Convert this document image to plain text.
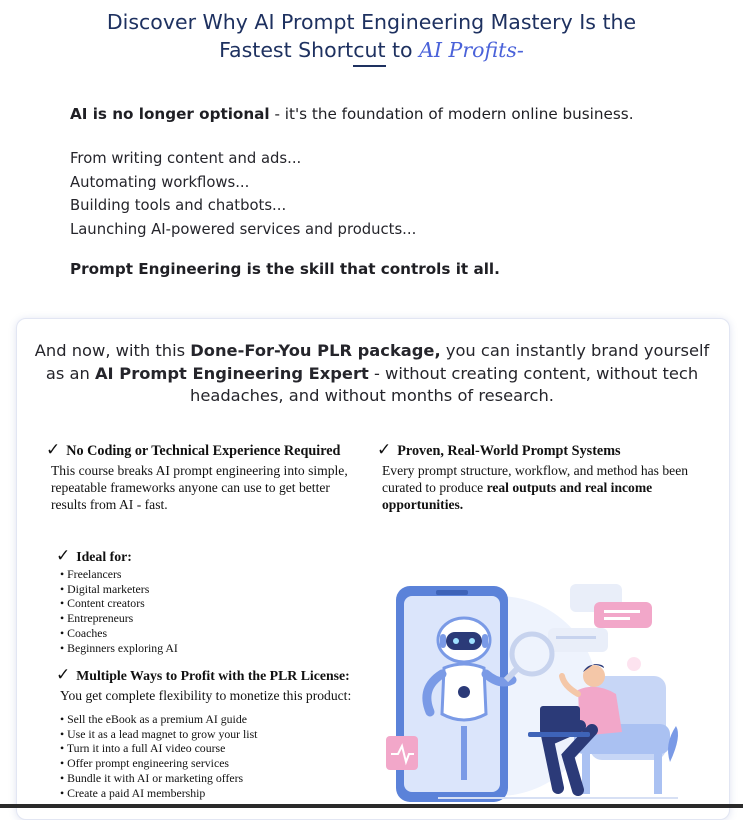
Discover Why AI Prompt Engineering Mastery Is the
Fastest Shortcut to AI Profits-
AI is no longer optional - it's the foundation of modern online business.
From writing content and ads...
Automating workflows...
Building tools and chatbots...
Launching AI-powered services and products...
Prompt Engineering is the skill that controls it all.
And now, with this Done-For-You PLR package, you can instantly brand yourself as an AI Prompt Engineering Expert - without creating content, without tech headaches, and without months of research.
✓ No Coding or Technical Experience Required
This course breaks AI prompt engineering into simple, repeatable frameworks anyone can use to get better results from AI - fast.
✓ Proven, Real-World Prompt Systems
Every prompt structure, workflow, and method has been curated to produce real outputs and real income opportunities.
✓ Ideal for:
• Freelancers
• Digital marketers
• Content creators
• Entrepreneurs
• Coaches
• Beginners exploring AI
✓ Multiple Ways to Profit with the PLR License:
You get complete flexibility to monetize this product:
• Sell the eBook as a premium AI guide
• Use it as a lead magnet to grow your list
• Turn it into a full AI video course
• Offer prompt engineering services
• Bundle it with AI or marketing offers
• Create a paid AI membership
